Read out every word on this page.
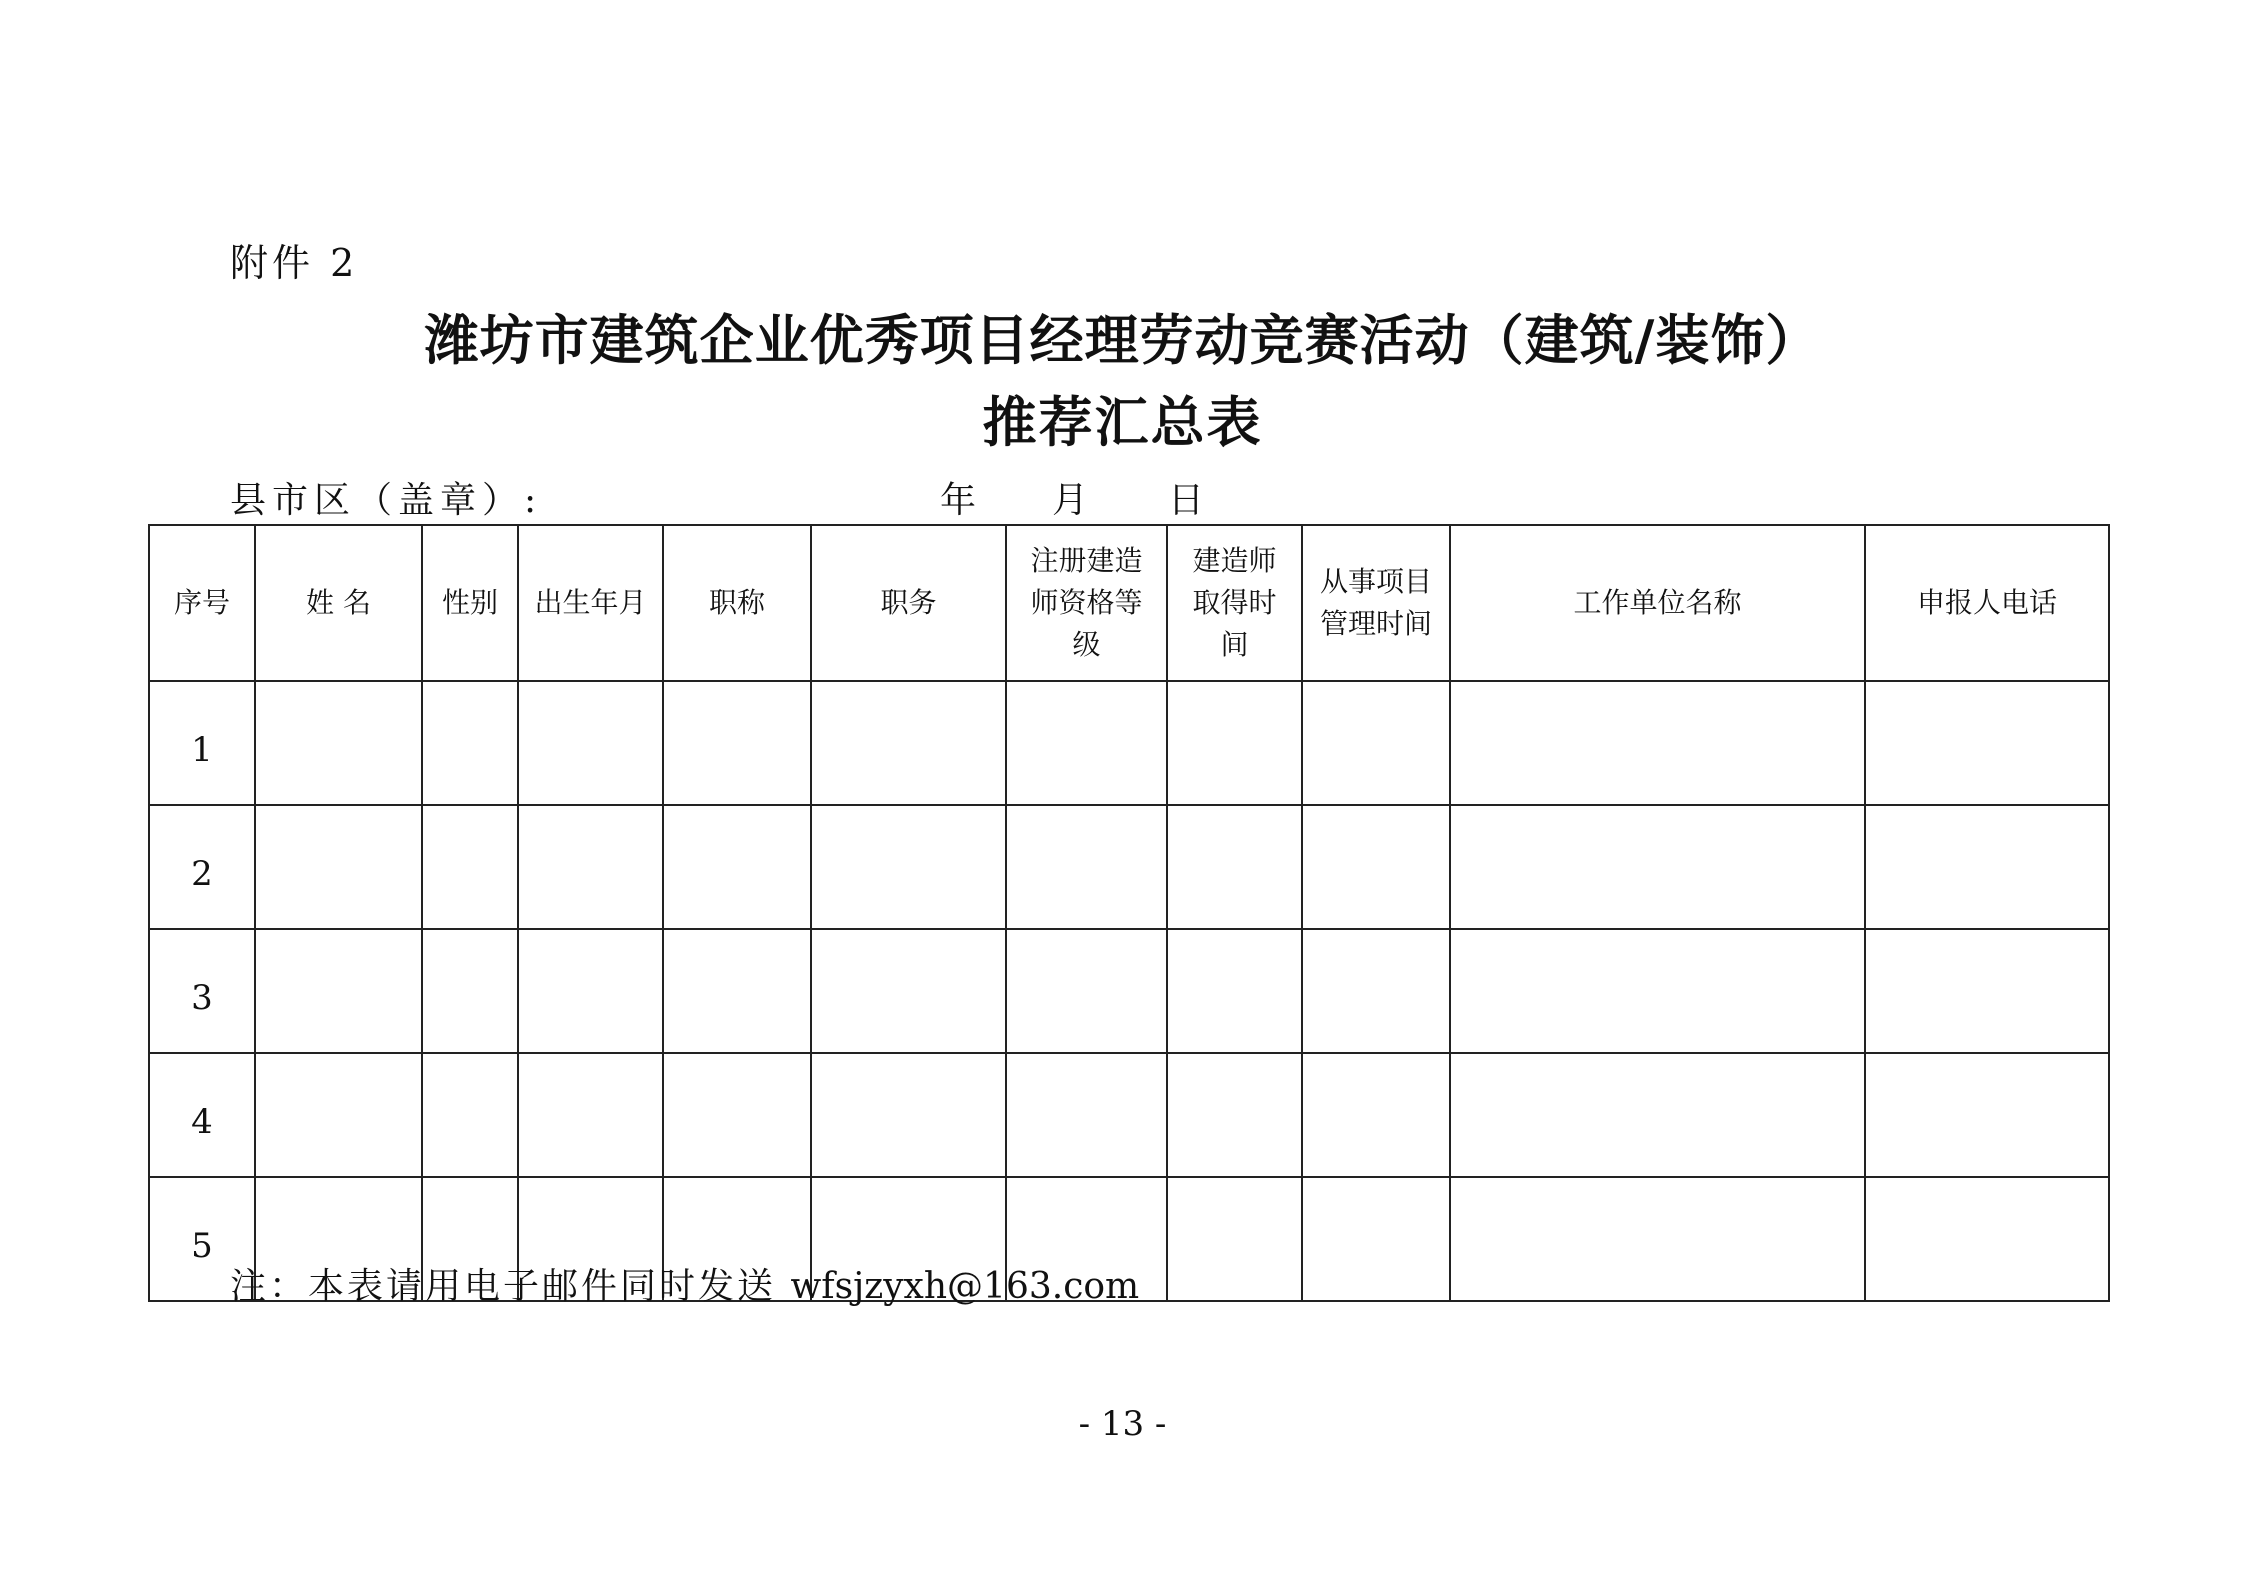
附件 2
潍坊市建筑企业优秀项目经理劳动竞赛活动（建筑/装饰）
推荐汇总表
县市区（盖章）:	年 月 日
序号	姓 名	性别	出生年月	职称	职务	注册建造师资格等级	建造师取得时间	从事项目管理时间	工作单位名称	申报人电话
1										
2										
3										
4										
5										
注：本表请用电子邮件同时发送 wfsjzyxh@163.com
- 13 -
